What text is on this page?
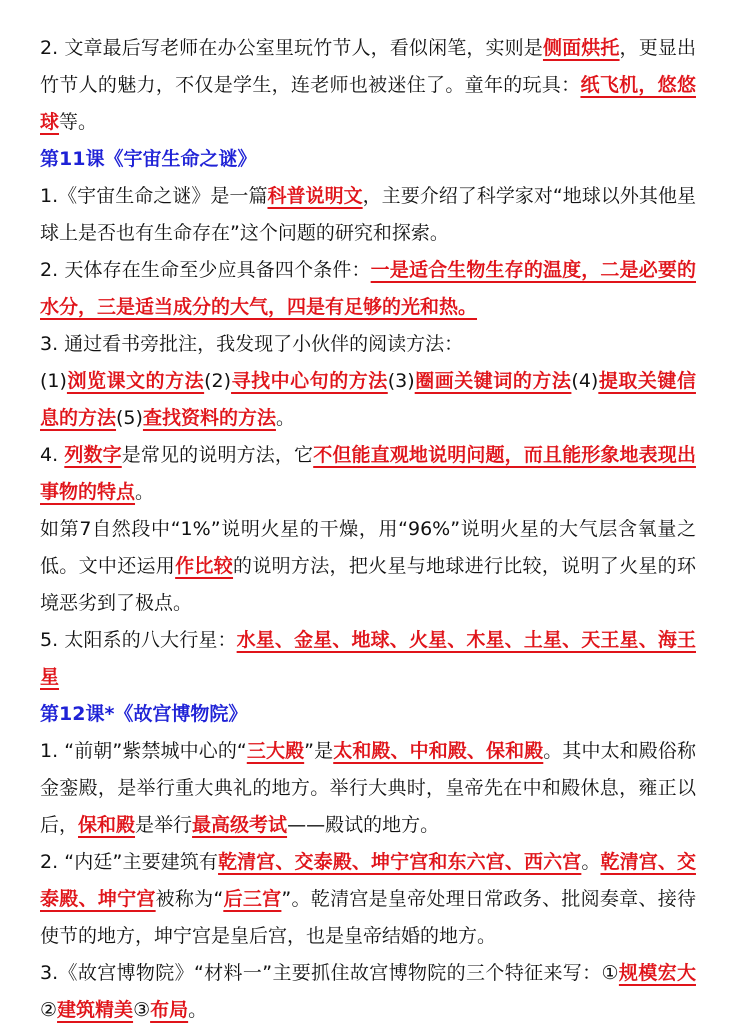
2. 文章最后写老师在办公室里玩竹节人，看似闲笔，实则是侧面烘托，更显出竹节人的魅力，不仅是学生，连老师也被迷住了。童年的玩具：纸飞机，悠悠球等。
第11课《宇宙生命之谜》
1.《宇宙生命之谜》是一篇科普说明文，主要介绍了科学家对“地球以外其他星球上是否也有生命存在”这个问题的研究和探索。
2. 天体存在生命至少应具备四个条件：一是适合生物生存的温度，二是必要的水分，三是适当成分的大气，四是有足够的光和热。
3. 通过看书旁批注，我发现了小伙伴的阅读方法：
(1)浏览课文的方法(2)寻找中心句的方法(3)圈画关键词的方法(4)提取关键信息的方法(5)查找资料的方法。
4. 列数字是常见的说明方法，它不但能直观地说明问题，而且能形象地表现出事物的特点。
如第7自然段中“1%”说明火星的干燥，用“96%”说明火星的大气层含氧量之低。文中还运用作比较的说明方法，把火星与地球进行比较，说明了火星的环境恶劣到了极点。
5. 太阳系的八大行星：水星、金星、地球、火星、木星、土星、天王星、海王星
第12课*《故宫博物院》
1. “前朝”紫禁城中心的“三大殿”是太和殿、中和殿、保和殿。其中太和殿俗称金銮殿，是举行重大典礼的地方。举行大典时，皇帝先在中和殿休息，雍正以后，保和殿是举行最高级考试——殿试的地方。
2. “内廷”主要建筑有乾清宫、交泰殿、坤宁宫和东六宫、西六宫。乾清宫、交泰殿、坤宁宫被称为“后三宫”。乾清宫是皇帝处理日常政务、批阅奏章、接待使节的地方，坤宁宫是皇后宫，也是皇帝结婚的地方。
3.《故宫博物院》“材料一”主要抓住故宫博物院的三个特征来写：①规模宏大②建筑精美③布局。
